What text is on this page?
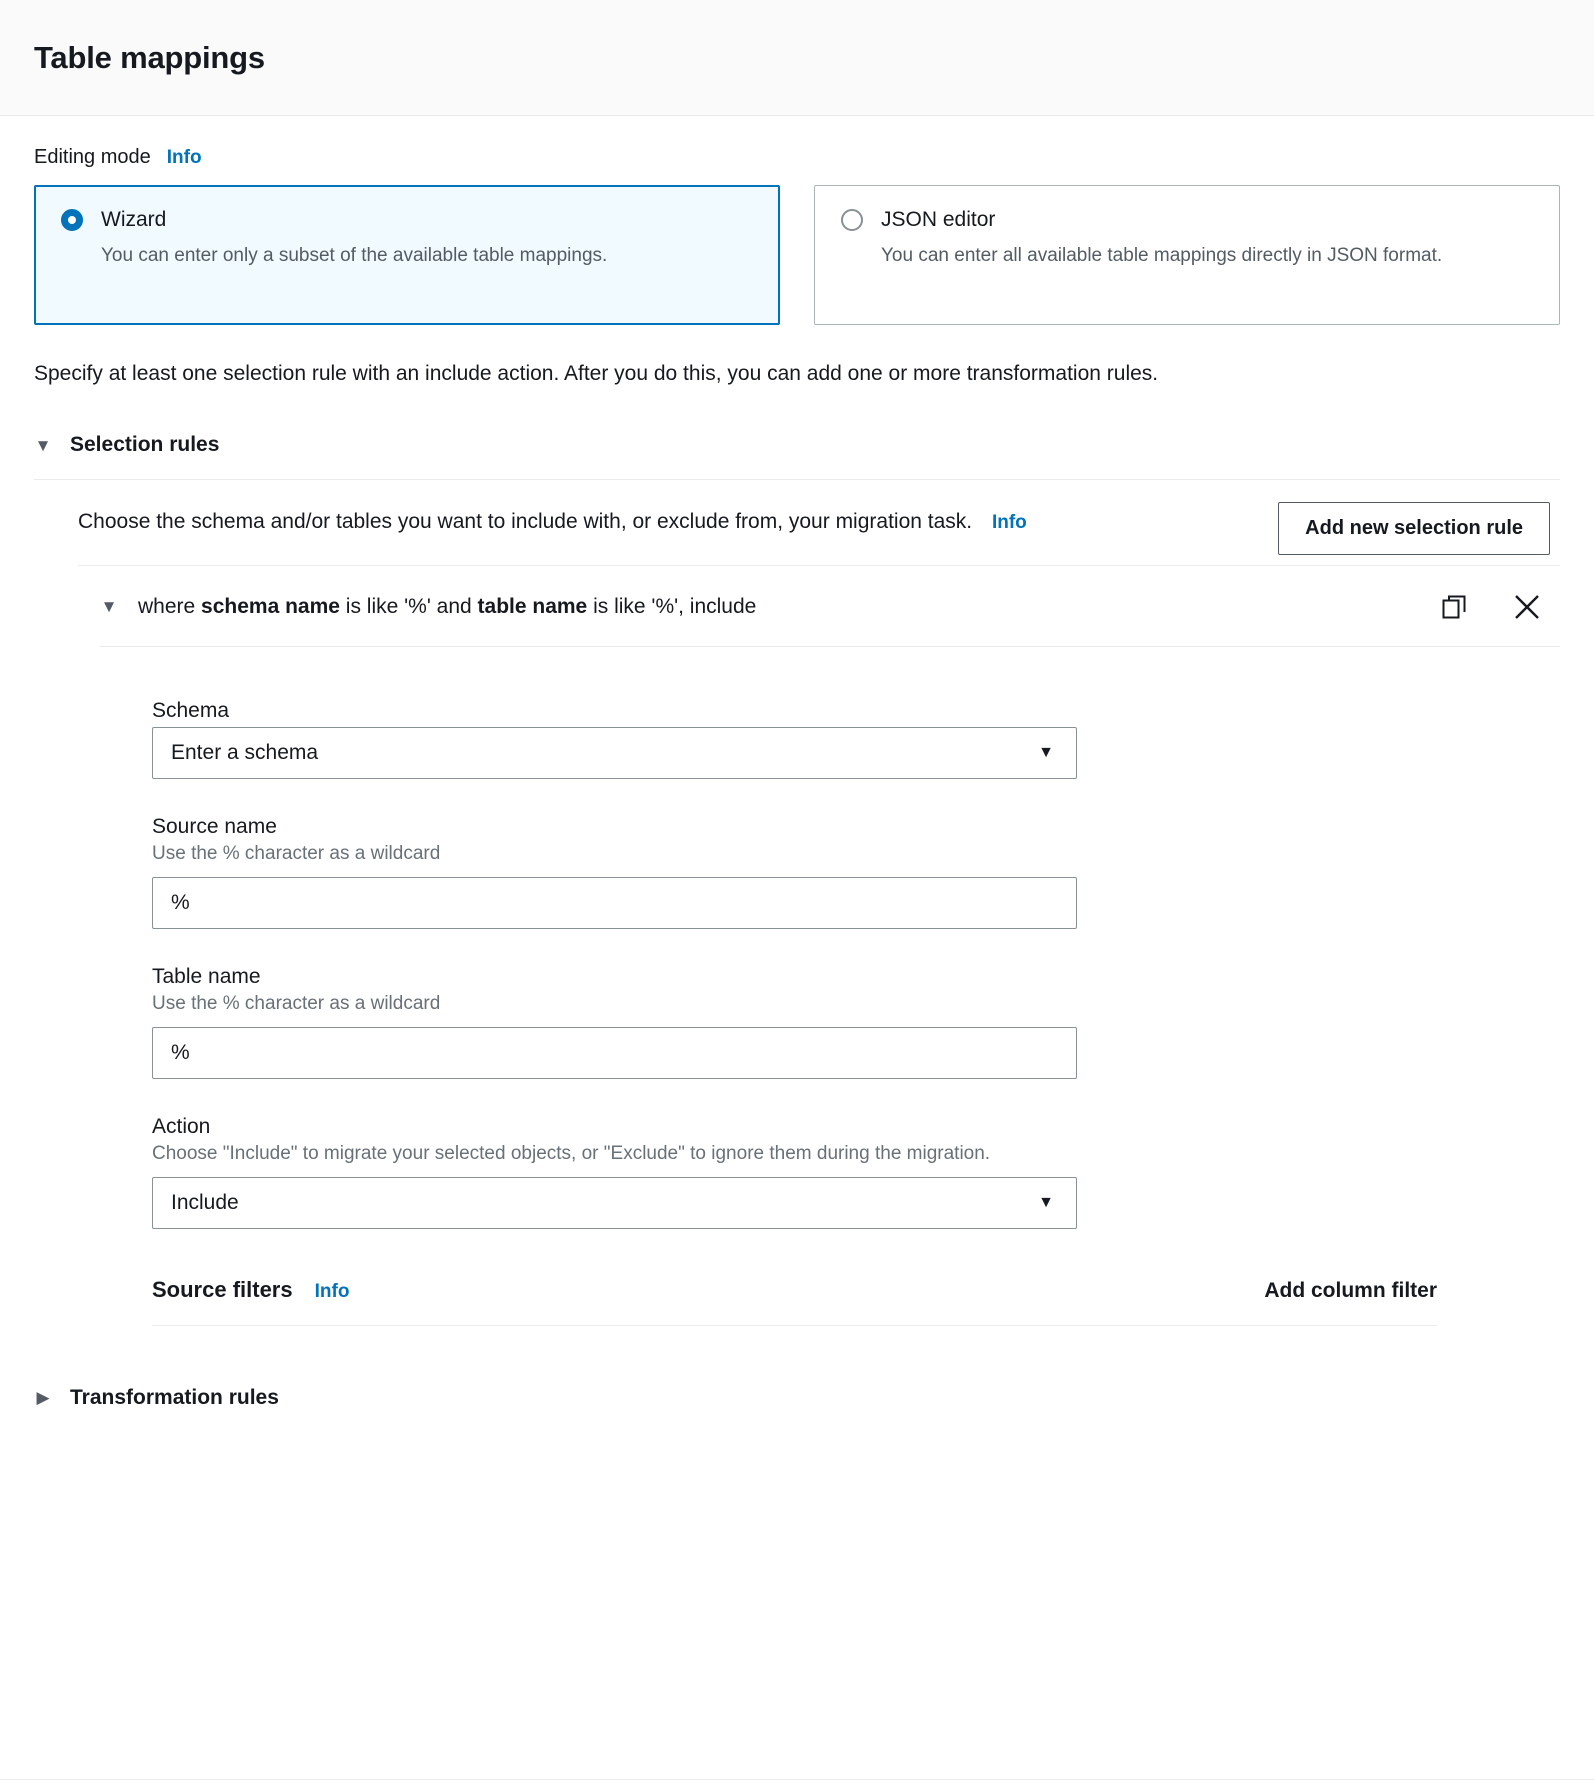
Table mappings
Editing mode Info
Wizard
You can enter only a subset of the available table mappings.
JSON editor
You can enter all available table mappings directly in JSON format.
Specify at least one selection rule with an include action. After you do this, you can add one or more transformation rules.
▼ Selection rules
Choose the schema and/or tables you want to include with, or exclude from, your migration task. Info	Add new selection rule
▼ where schema name is like '%' and table name is like '%', include
Schema
Enter a schema	▼
Source name
Use the % character as a wildcard
%
Table name
Use the % character as a wildcard
%
Action
Choose "Include" to migrate your selected objects, or "Exclude" to ignore them during the migration.
Include	▼
Source filters Info	Add column filter
▶ Transformation rules
